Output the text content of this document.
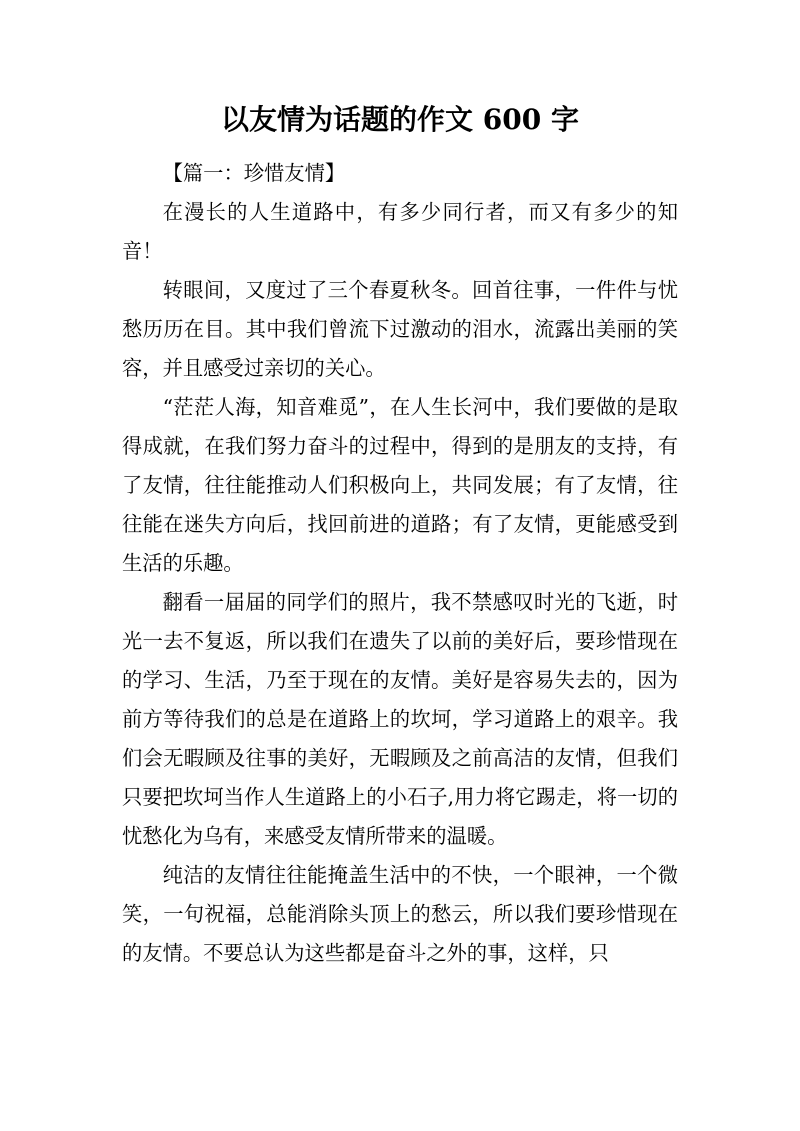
以友情为话题的作文 600 字

【篇一：珍惜友情】

在漫长的人生道路中，有多少同行者，而又有多少的知音！

转眼间，又度过了三个春夏秋冬。回首往事，一件件与忧愁历历在目。其中我们曾流下过激动的泪水，流露出美丽的笑容，并且感受过亲切的关心。

“茫茫人海，知音难觅”，在人生长河中，我们要做的是取得成就，在我们努力奋斗的过程中，得到的是朋友的支持，有了友情，往往能推动人们积极向上，共同发展；有了友情，往往能在迷失方向后，找回前进的道路；有了友情，更能感受到生活的乐趣。

翻看一届届的同学们的照片，我不禁感叹时光的飞逝，时光一去不复返，所以我们在遗失了以前的美好后，要珍惜现在的学习、生活，乃至于现在的友情。美好是容易失去的，因为前方等待我们的总是在道路上的坎坷，学习道路上的艰辛。我们会无暇顾及往事的美好，无暇顾及之前高洁的友情，但我们只要把坎坷当作人生道路上的小石子,用力将它踢走，将一切的忧愁化为乌有，来感受友情所带来的温暖。

纯洁的友情往往能掩盖生活中的不快，一个眼神，一个微笑，一句祝福，总能消除头顶上的愁云，所以我们要珍惜现在的友情。不要总认为这些都是奋斗之外的事，这样，只
